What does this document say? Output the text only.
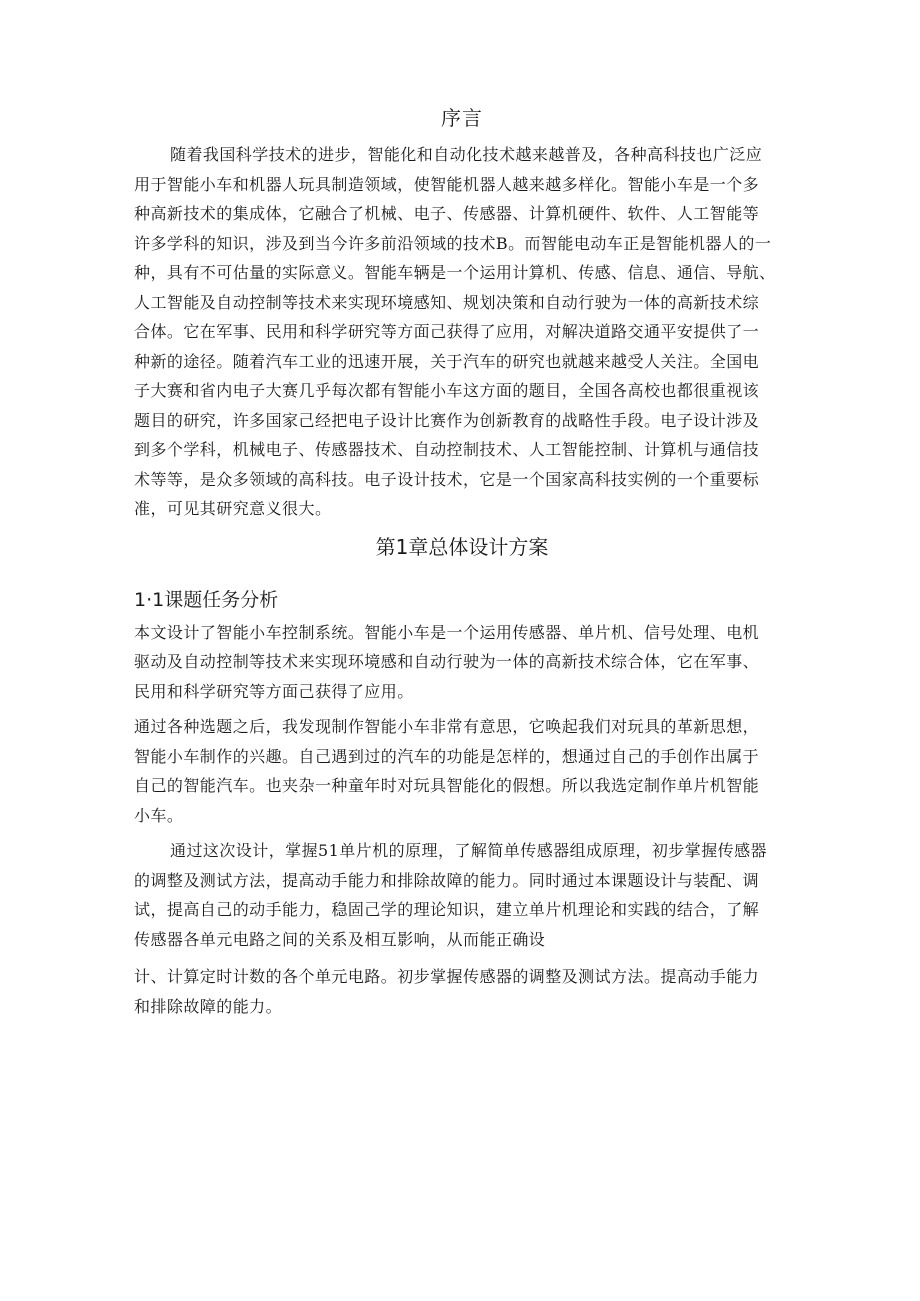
序言

随着我国科学技术的进步，智能化和自动化技术越来越普及，各种高科技也广泛应

用于智能小车和机器人玩具制造领域，使智能机器人越来越多样化。智能小车是一个多

种高新技术的集成体，它融合了机械、电子、传感器、计算机硬件、软件、人工智能等

许多学科的知识，涉及到当今许多前沿领域的技术B。而智能电动车正是智能机器人的一

种，具有不可估量的实际意义。智能车辆是一个运用计算机、传感、信息、通信、导航、

人工智能及自动控制等技术来实现环境感知、规划决策和自动行驶为一体的高新技术综

合体。它在军事、民用和科学研究等方面己获得了应用，对解决道路交通平安提供了一

种新的途径。随着汽车工业的迅速开展，关于汽车的研究也就越来越受人关注。全国电

子大赛和省内电子大赛几乎每次都有智能小车这方面的题目，全国各高校也都很重视该

题目的研究，许多国家己经把电子设计比赛作为创新教育的战略性手段。电子设计涉及

到多个学科，机械电子、传感器技术、自动控制技术、人工智能控制、计算机与通信技

术等等，是众多领域的高科技。电子设计技术，它是一个国家高科技实例的一个重要标

准，可见其研究意义很大。

第1章总体设计方案
1·1课题任务分析

本文设计了智能小车控制系统。智能小车是一个运用传感器、单片机、信号处理、电机

驱动及自动控制等技术来实现环境感和自动行驶为一体的高新技术综合体，它在军事、

民用和科学研究等方面己获得了应用。

通过各种选题之后，我发现制作智能小车非常有意思，它唤起我们对玩具的革新思想，

智能小车制作的兴趣。自己遇到过的汽车的功能是怎样的，想通过自己的手创作出属于

自己的智能汽车。也夹杂一种童年时对玩具智能化的假想。所以我选定制作单片机智能

小车。

通过这次设计，掌握51单片机的原理，了解简单传感器组成原理，初步掌握传感器

的调整及测试方法，提高动手能力和排除故障的能力。同时通过本课题设计与装配、调

试，提高自己的动手能力，稳固己学的理论知识，建立单片机理论和实践的结合，了解

传感器各单元电路之间的关系及相互影响，从而能正确设

计、计算定时计数的各个单元电路。初步掌握传感器的调整及测试方法。提高动手能力

和排除故障的能力。
